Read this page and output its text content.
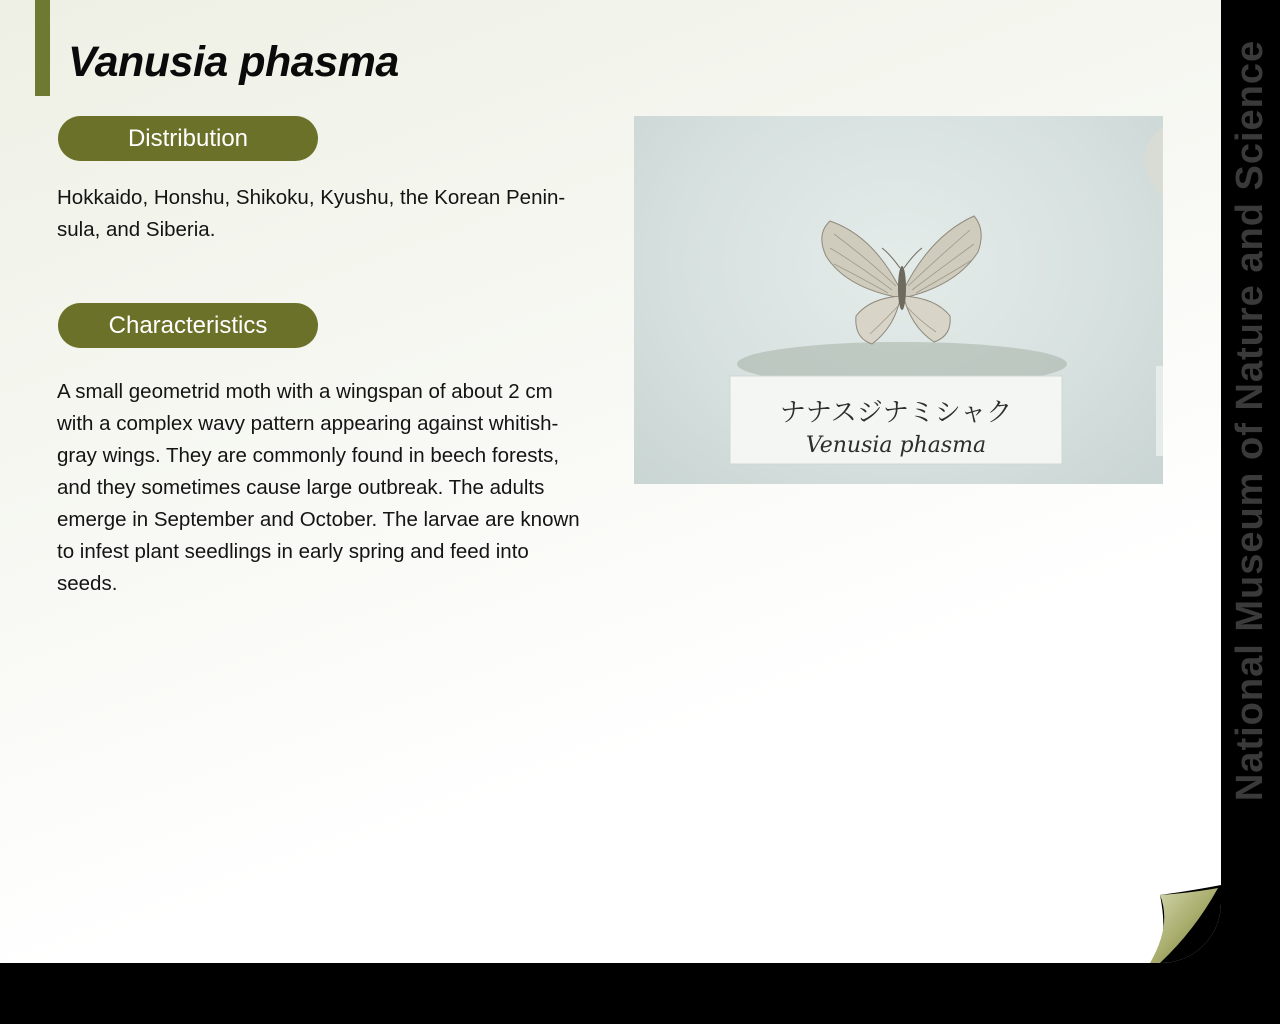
Vanusia phasma
Distribution

Hokkaido, Honshu, Shikoku, Kyushu, the Korean Penin-sula, and Siberia.

Characteristics

A small geometrid moth with a wingspan of about 2 cm with a complex wavy pattern appearing against whitish-gray wings. They are commonly found in beech forests, and they sometimes cause large outbreak. The adults emerge in September and October. The larvae are known to infest plant seedlings in early spring and feed into seeds.

ナナスジナミシャク
Venusia phasma	National Museum of Nature and Science
